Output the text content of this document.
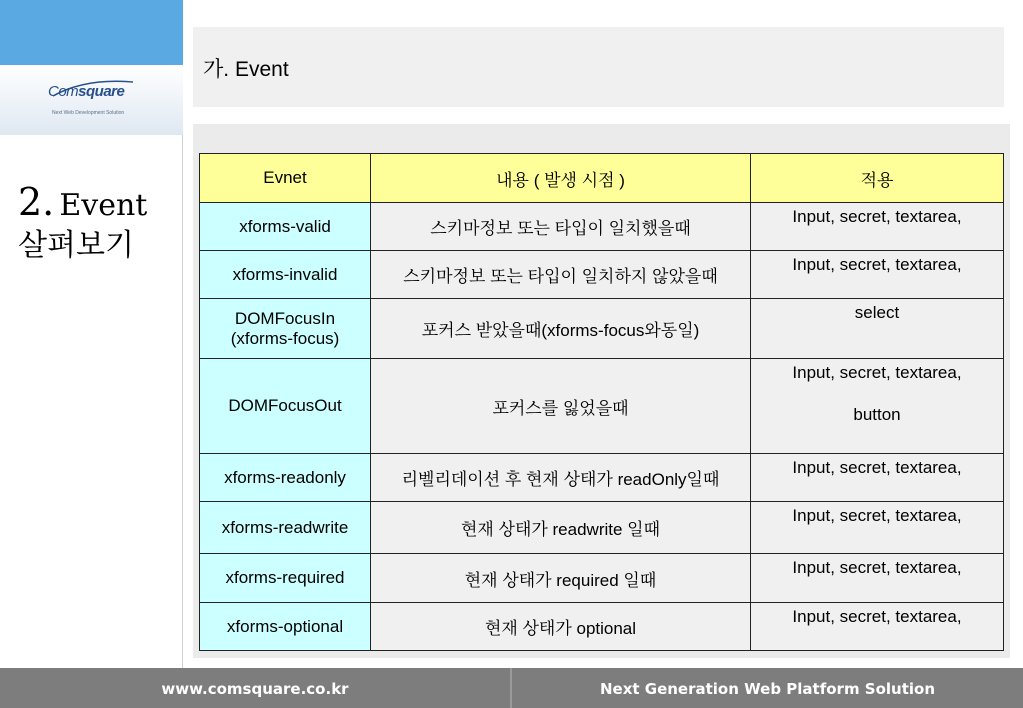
Comsquare
Next Web Development Solution
2. Event
살펴보기
가. Event
Evnet	내용 ( 발생 시점 )	적용
xforms-valid	스키마정보 또는 타입이 일치했을때	Input, secret, textarea,

xforms-invalid	스키마정보 또는 타입이 일치하지 않았을때	Input, secret, textarea,

DOMFocusIn
(xforms-focus)	포커스 받았을때(xforms-focus와동일)	select

DOMFocusOut	포커스를 잃었을때	Input, secret, textarea,
button

xforms-readonly	리벨리데이션 후 현재 상태가 readOnly일때	Input, secret, textarea,

xforms-readwrite	현재 상태가 readwrite 일때	Input, secret, textarea,

xforms-required	현재 상태가 required 일때	Input, secret, textarea,

xforms-optional	현재 상태가 optional	Input, secret, textarea,
www.comsquare.co.kr	Next Generation Web Platform Solution
